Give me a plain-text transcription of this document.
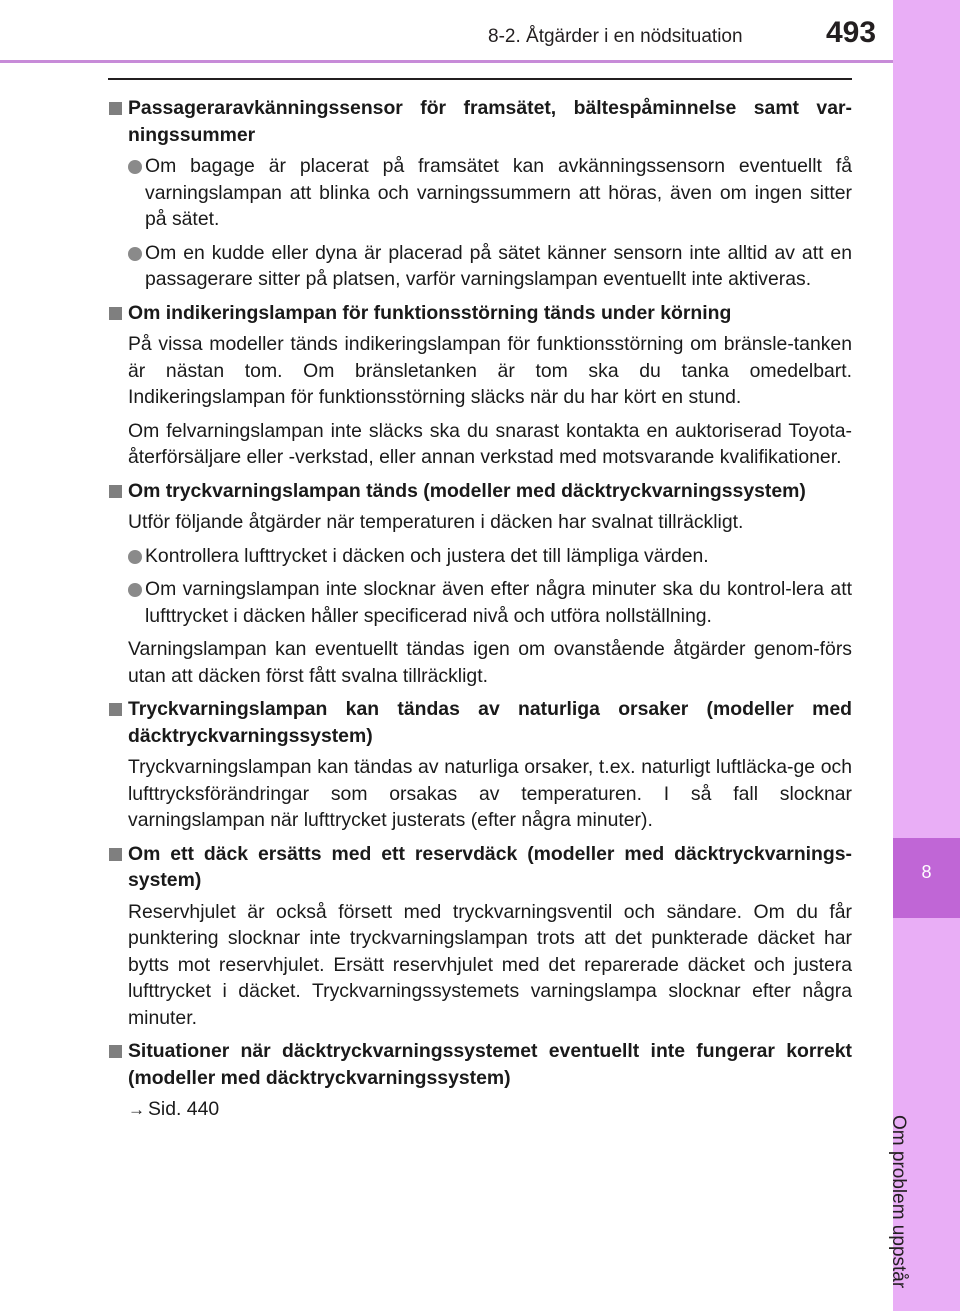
8
Om problem uppstår
8-2. Åtgärder i en nödsituation	493
Passageraravkänningssensor för framsätet, bältespåminnelse samt var-ningssummer
Om bagage är placerat på framsätet kan avkänningssensorn eventuellt få varningslampan att blinka och varningssummern att höras, även om ingen sitter på sätet.
Om en kudde eller dyna är placerad på sätet känner sensorn inte alltid av att en passagerare sitter på platsen, varför varningslampan eventuellt inte aktiveras.
Om indikeringslampan för funktionsstörning tänds under körning
På vissa modeller tänds indikeringslampan för funktionsstörning om bränsle-tanken är nästan tom. Om bränsletanken är tom ska du tanka omedelbart. Indikeringslampan för funktionsstörning släcks när du har kört en stund.
Om felvarningslampan inte släcks ska du snarast kontakta en auktoriserad Toyota-återförsäljare eller -verkstad, eller annan verkstad med motsvarande kvalifikationer.
Om tryckvarningslampan tänds (modeller med däcktryckvarningssystem)
Utför följande åtgärder när temperaturen i däcken har svalnat tillräckligt.
Kontrollera lufttrycket i däcken och justera det till lämpliga värden.
Om varningslampan inte slocknar även efter några minuter ska du kontrol-lera att lufttrycket i däcken håller specificerad nivå och utföra nollställning.
Varningslampan kan eventuellt tändas igen om ovanstående åtgärder genom-förs utan att däcken först fått svalna tillräckligt.
Tryckvarningslampan kan tändas av naturliga orsaker (modeller med däcktryckvarningssystem)
Tryckvarningslampan kan tändas av naturliga orsaker, t.ex. naturligt luftläcka-ge och lufttrycksförändringar som orsakas av temperaturen. I så fall slocknar varningslampan när lufttrycket justerats (efter några minuter).
Om ett däck ersätts med ett reservdäck (modeller med däcktryckvarnings-system)
Reservhjulet är också försett med tryckvarningsventil och sändare. Om du får punktering slocknar inte tryckvarningslampan trots att det punkterade däcket har bytts mot reservhjulet. Ersätt reservhjulet med det reparerade däcket och justera lufttrycket i däcket. Tryckvarningssystemets varningslampa slocknar efter några minuter.
Situationer när däcktryckvarningssystemet eventuellt inte fungerar korrekt (modeller med däcktryckvarningssystem)
→ Sid. 440
